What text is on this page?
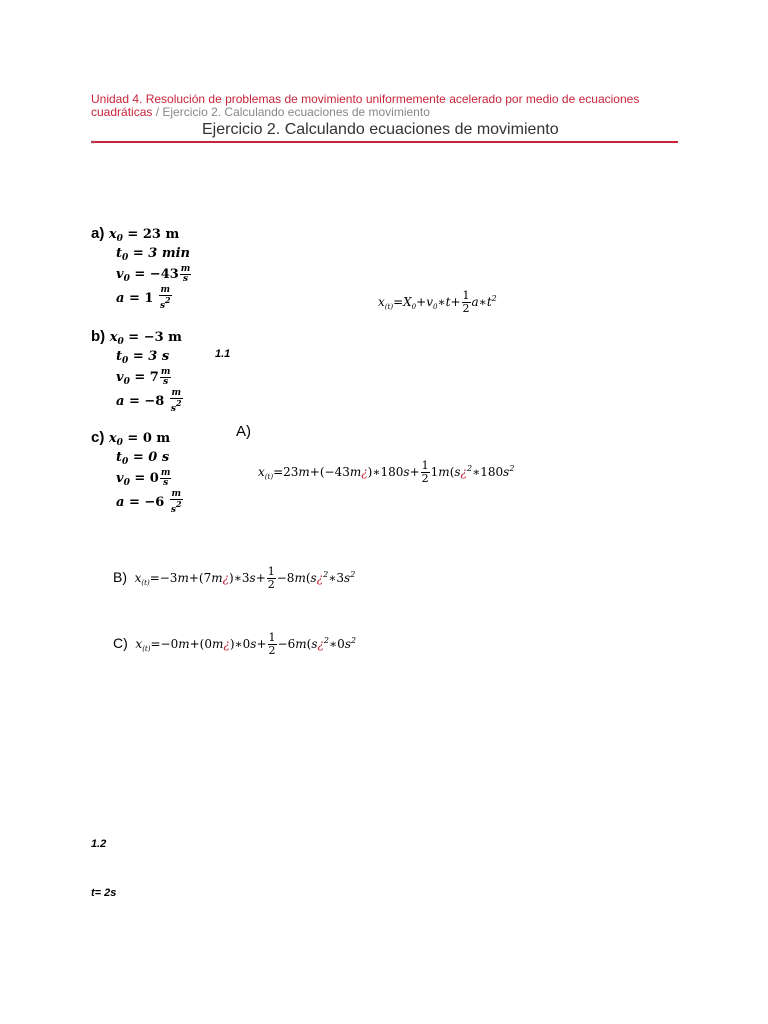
Unidad 4. Resolución de problemas de movimiento uniformemente acelerado por medio de ecuaciones cuadráticas / Ejercicio 2. Calculando ecuaciones de movimiento
Ejercicio 2. Calculando ecuaciones de movimiento
≡
a) $x_0 = 23$ m
$t_0 = 3$ min
$v_0 = -43 \frac{m}{s}$
$a = 1 \frac{m}{s^2}$	$x_{(t)}=X_0+v_0∗t+ \frac{1}{2}$ $a∗t^2$
b) $x_0 = -3$ m
$t_0 = 3$ s
$v_0 = 7 \frac{m}{s}$
$a = -8 \frac{m}{s^2}$
1.1
c) $x_0 = 0$ m
$t_0 = 0$ s
$v_0 = 0 \frac{m}{s}$
$a = -6 \frac{m}{s^2}$
A)
$x_{(t)}=23m+(-43m¿)∗180s+ \frac{1}{2}$ $1m(s¿^2∗180s^2$
B)  $x_{(t)}=-3m+(7m¿)∗3s+ \frac{1}{2}$ $-8m(s¿^2∗3s^2$
C)  $x_{(t)}=-0m+(0m¿)∗0s+ \frac{1}{2}$ $-6m(s¿^2∗0s^2$
1.2
t= 2s
